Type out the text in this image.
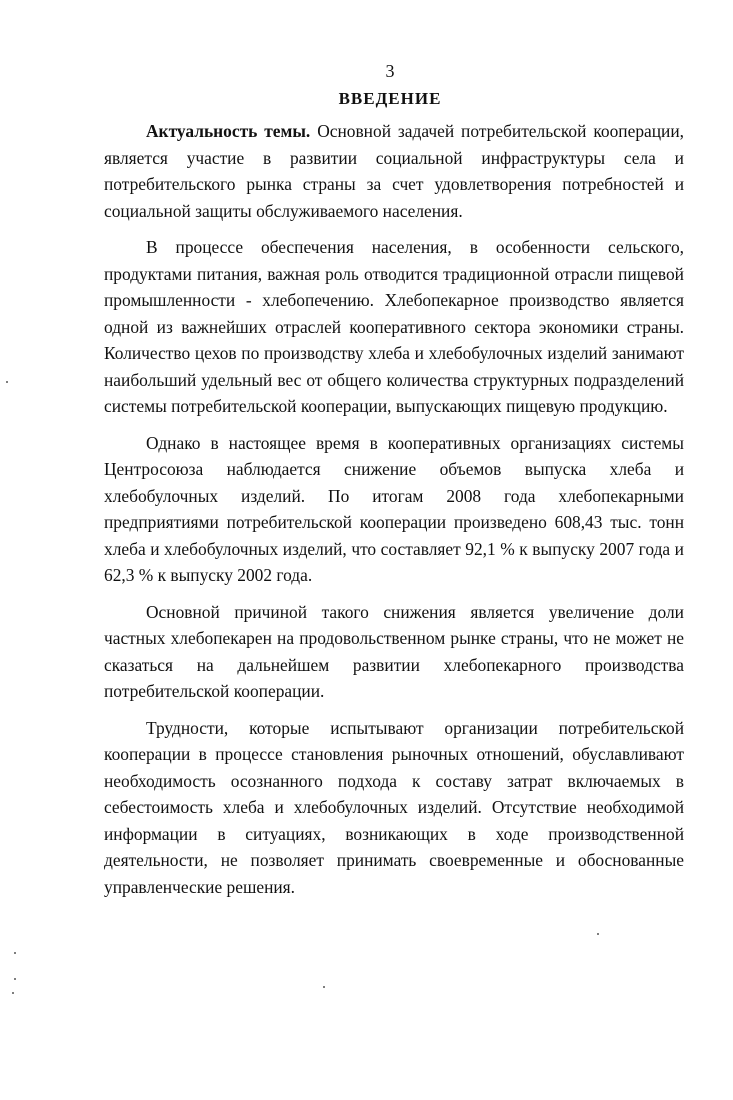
3
ВВЕДЕНИЕ

Актуальность темы. Основной задачей потребительской кооперации, является участие в развитии социальной инфраструктуры села и потребительского рынка страны за счет удовлетворения потребностей и социальной защиты обслуживаемого населения.

В процессе обеспечения населения, в особенности сельского, продуктами питания, важная роль отводится традиционной отрасли пищевой промышленности - хлебопечению. Хлебопекарное производство является одной из важнейших отраслей кооперативного сектора экономики страны. Количество цехов по производству хлеба и хлебобулочных изделий занимают наибольший удельный вес от общего количества структурных подразделений системы потребительской кооперации, выпускающих пищевую продукцию.

Однако в настоящее время в кооперативных организациях системы Центросоюза наблюдается снижение объемов выпуска хлеба и хлебобулочных изделий. По итогам 2008 года хлебопекарными предприятиями потребительской кооперации произведено 608,43 тыс. тонн хлеба и хлебобулочных изделий, что составляет 92,1 % к выпуску 2007 года и 62,3 % к выпуску 2002 года.

Основной причиной такого снижения является увеличение доли частных хлебопекарен на продовольственном рынке страны, что не может не сказаться на дальнейшем развитии хлебопекарного производства потребительской кооперации.

Трудности, которые испытывают организации потребительской кооперации в процессе становления рыночных отношений, обуславливают необходимость осознанного подхода к составу затрат включаемых в себестоимость хлеба и хлебобулочных изделий. Отсутствие необходимой информации в ситуациях, возникающих в ходе производственной деятельности, не позволяет принимать своевременные и обоснованные управленческие решения.
